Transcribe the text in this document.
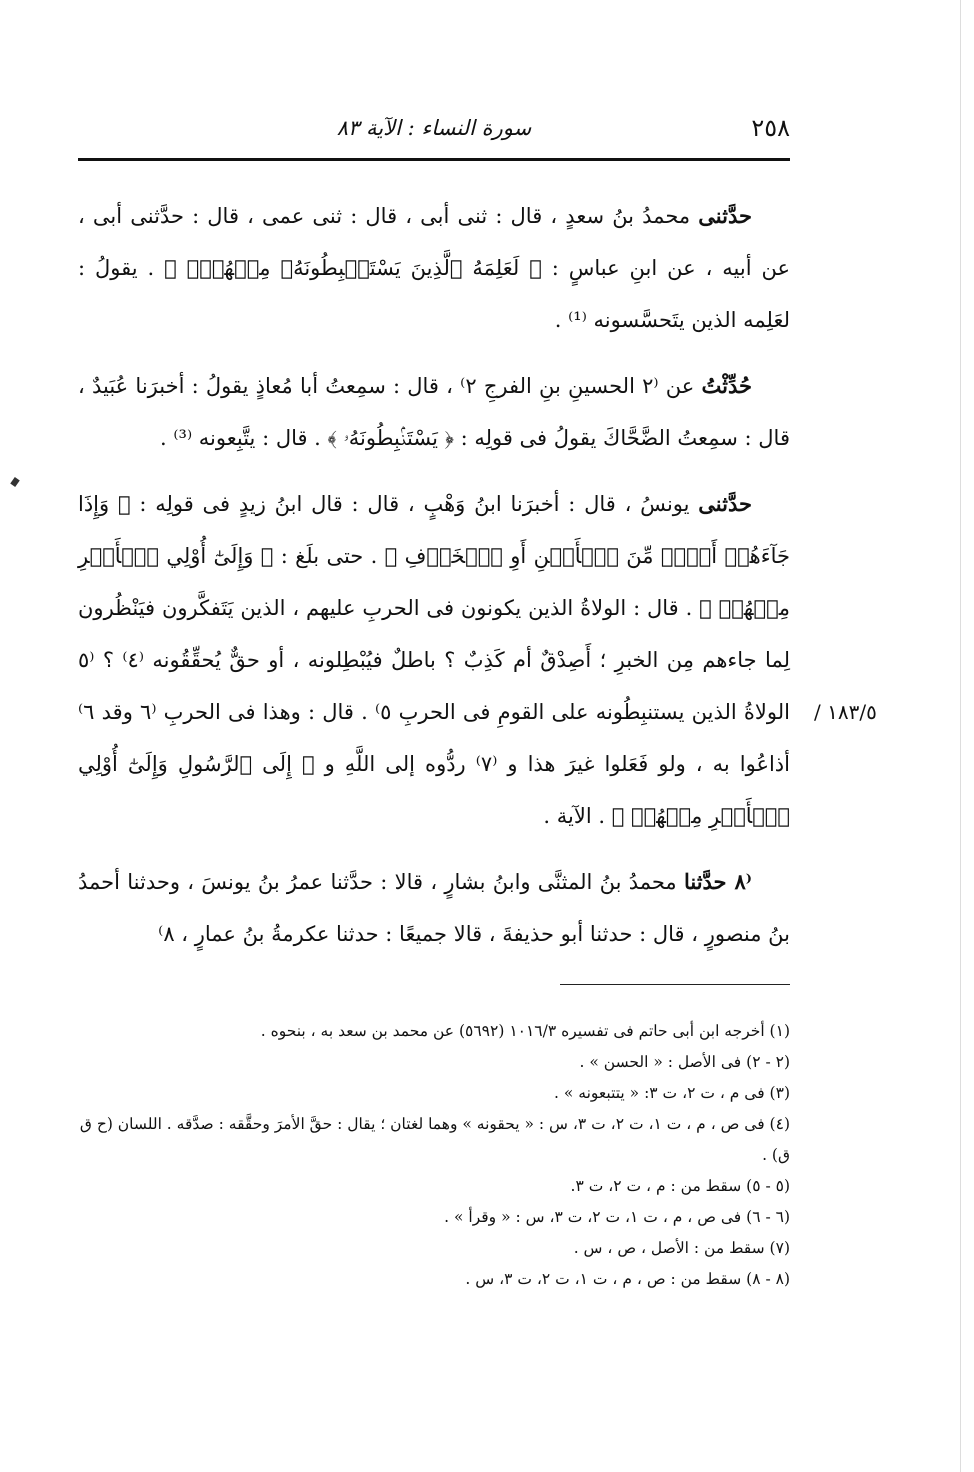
٢٥٨
سورة النساء : الآية ٨٣
١٨٣/٥ /

حدَّثنى محمدُ بنُ سعدٍ ، قال : ثنى أبى ، قال : ثنى عمى ، قال : حدَّثنى أبى ، عن أبيه ، عن ابنِ عباسٍ : ﴿ لَعَلِمَهُ ٱلَّذِينَ يَسْتَنۢبِطُونَهُۥ مِنۡهُمۡۗ ﴾ . يقولُ : لعَلِمه الذين يتَحسَّسونه ⁽¹⁾ .

حُدِّثْتُ عن ⁽٢ الحسينِ بنِ الفرجِ ٢⁾ ، قال : سمِعتُ أبا مُعاذٍ يقولُ : أخبرَنا عُبَيدٌ ، قال : سمِعتُ الضَّحَّاكَ يقولُ فى قولِه : ﴿ يَسْتَنۢبِطُونَهُۥ ﴾ . قال : يتَّبِعونه ⁽³⁾ .

حدَّثنى يونسُ ، قال : أخبرَنا ابنُ وَهْبٍ ، قال : قال ابنُ زيدٍ فى قولِه : ﴿ وَإِذَا جَآءَهُمۡ أَمۡرٞ مِّنَ ٱلۡأَمۡنِ أَوِ ٱلۡخَوۡفِ ﴾ . حتى بلَغ : ﴿ وَإِلَىٰٓ أُوْلِي ٱلۡأَمۡرِ مِنۡهُمۡ ﴾ . قال : الولاةُ الذين يكونون فى الحربِ عليهم ، الذين يَتَفكَّرون فيَنْظُرون لِما جاءهم مِن الخبرِ ؛ أَصِدْقٌ أم كَذِبٌ ؟ باطلٌ فيُبْطِلونه ، أو حقٌّ يُحقِّقُونه ⁽٤⁾ ؟ ⁽٥ الولاةُ الذين يستنبِطُونه على القومِ فى الحربِ ٥⁾ . قال : وهذا فى الحربِ ⁽٦ وقد ٦⁾ أذاعُوا به ، ولو فَعَلوا غيرَ هذا و ⁽٧⁾ ردُّوه إلى اللَّهِ و ﴿ إِلَى ٱلرَّسُولِ وَإِلَىٰٓ أُوْلِي ٱلۡأَمۡرِ مِنۡهُمۡ ﴾ . الآية .

⁽٨ حدَّثنا محمدُ بنُ المثنَّى وابنُ بشارٍ ، قالا : حدَّثنا عمرُ بنُ يونسَ ، وحدثنا أحمدُ بنُ منصورٍ ، قال : حدثنا أبو حذيفةَ ، قالا جميعًا : حدثنا عكرمةُ بنُ عمارٍ ، ٨⁾

(١) أخرجه ابن أبى حاتم فى تفسيره ١٠١٦/٣ (٥٦٩٢) عن محمد بن سعد به ، بنحوه .

(٢ - ٢) فى الأصل : « الحسن » .

(٣) فى م ، ت ٢، ت ٣: « يتتبعونه » .

(٤) فى ص ، م ، ت ١، ت ٢، ت ٣، س : « يحقونه » وهما لغتان ؛ يقال : حقَّ الأمرَ وحقَّقه : صدَّقه . اللسان (ح ق ق) .

(٥ - ٥) سقط من : م ، ت ٢، ت ٣.

(٦ - ٦) فى ص ، م ، ت ١، ت ٢، ت ٣، س : « وقرأ » .

(٧) سقط من : الأصل ، ص ، س .

(٨ - ٨) سقط من : ص ، م ، ت ١، ت ٢، ت ٣، س .
